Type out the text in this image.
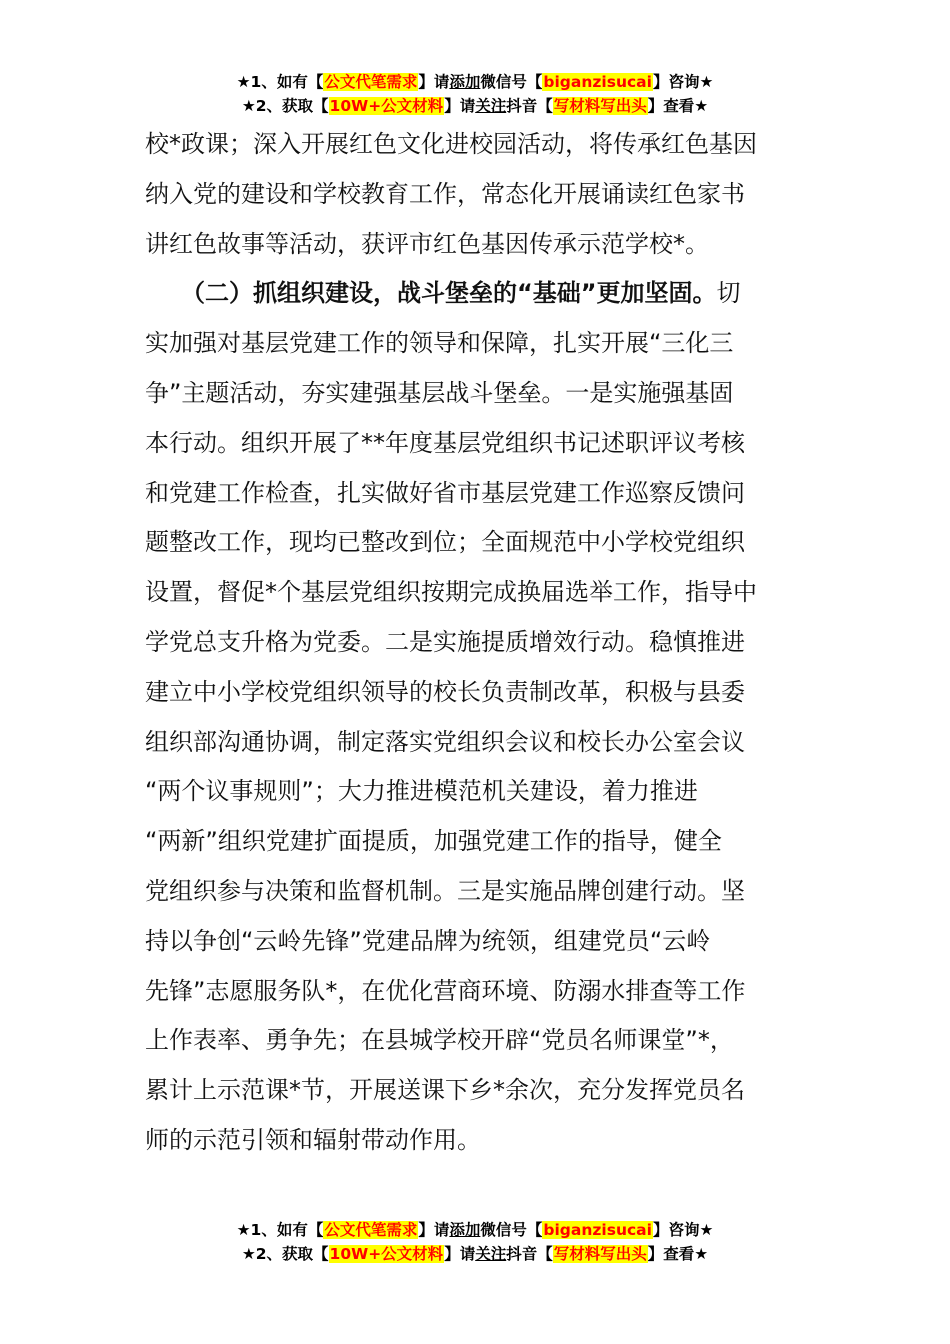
★1、如有【公文代笔需求】请添加微信号【biganzisucai】咨询★
★2、获取【10W+公文材料】请关注抖音【写材料写出头】查看★
校*政课；深入开展红色文化进校园活动，将传承红色基因
纳入党的建设和学校教育工作，常态化开展诵读红色家书
讲红色故事等活动，获评市红色基因传承示范学校*。
　　（二）抓组织建设，战斗堡垒的“基础”更加坚固。切
实加强对基层党建工作的领导和保障，扎实开展“三化三
争”主题活动，夯实建强基层战斗堡垒。一是实施强基固
本行动。组织开展了**年度基层党组织书记述职评议考核
和党建工作检查，扎实做好省市基层党建工作巡察反馈问
题整改工作，现均已整改到位；全面规范中小学校党组织
设置，督促*个基层党组织按期完成换届选举工作，指导中
学党总支升格为党委。二是实施提质增效行动。稳慎推进
建立中小学校党组织领导的校长负责制改革，积极与县委
组织部沟通协调，制定落实党组织会议和校长办公室会议
“两个议事规则”；大力推进模范机关建设，着力推进
“两新”组织党建扩面提质，加强党建工作的指导，健全
党组织参与决策和监督机制。三是实施品牌创建行动。坚
持以争创“云岭先锋”党建品牌为统领，组建党员“云岭
先锋”志愿服务队*，在优化营商环境、防溺水排查等工作
上作表率、勇争先；在县城学校开辟“党员名师课堂”*，
累计上示范课*节，开展送课下乡*余次，充分发挥党员名
师的示范引领和辐射带动作用。
★1、如有【公文代笔需求】请添加微信号【biganzisucai】咨询★
★2、获取【10W+公文材料】请关注抖音【写材料写出头】查看★
